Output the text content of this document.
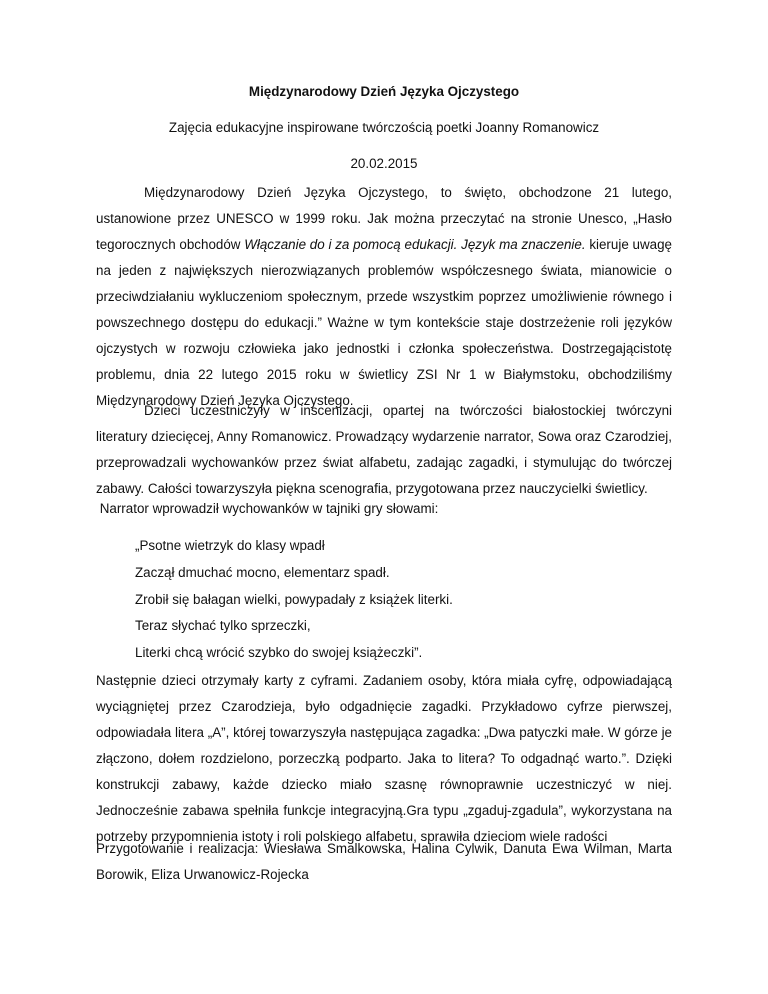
Międzynarodowy Dzień Języka Ojczystego

Zajęcia edukacyjne inspirowane twórczością poetki Joanny Romanowicz

20.02.2015

Międzynarodowy Dzień Języka Ojczystego, to święto, obchodzone 21 lutego, ustanowione przez UNESCO w 1999 roku. Jak można przeczytać na stronie Unesco, „Hasło tegorocznych obchodów Włączanie do i za pomocą edukacji. Język ma znaczenie. kieruje uwagę na jeden z największych nierozwiązanych problemów współczesnego świata, mianowicie o przeciwdziałaniu wykluczeniom społecznym, przede wszystkim poprzez umożliwienie równego i powszechnego dostępu do edukacji.” Ważne w tym kontekście staje dostrzeżenie roli języków ojczystych w rozwoju człowieka jako jednostki i członka społeczeństwa. Dostrzegającistotę problemu, dnia 22 lutego 2015 roku w świetlicy ZSI Nr 1 w Białymstoku, obchodziliśmy Międzynarodowy Dzień Języka Ojczystego.

Dzieci uczestniczyły w inscenizacji, opartej na twórczości białostockiej twórczyni literatury dziecięcej, Anny Romanowicz. Prowadzący wydarzenie narrator, Sowa oraz Czarodziej, przeprowadzali wychowanków przez świat alfabetu, zadając zagadki, i stymulując do twórczej zabawy. Całości towarzyszyła piękna scenografia, przygotowana przez nauczycielki świetlicy.

Narrator wprowadził wychowanków w tajniki gry słowami:

„Psotne wietrzyk do klasy wpadł
Zaczął dmuchać mocno, elementarz spadł.
Zrobił się bałagan wielki, powypadały z książek literki.
Teraz słychać tylko sprzeczki,
Literki chcą wrócić szybko do swojej książeczki”.

Następnie dzieci otrzymały karty z cyframi. Zadaniem osoby, która miała cyfrę, odpowiadającą wyciągniętej przez Czarodzieja, było odgadnięcie zagadki. Przykładowo cyfrze pierwszej, odpowiadała litera „A”, której towarzyszyła następująca zagadka: „Dwa patyczki małe. W górze je złączono, dołem rozdzielono, porzeczką podparto. Jaka to litera? To odgadnąć warto.”. Dzięki konstrukcji zabawy, każde dziecko miało szasnę równoprawnie uczestniczyć w niej. Jednocześnie zabawa spełniła funkcje integracyjną.Gra typu „zgaduj-zgadula”, wykorzystana na potrzeby przypomnienia istoty i roli polskiego alfabetu, sprawiła dzieciom wiele radości

Przygotowanie i realizacja: Wiesława Smalkowska, Halina Cylwik, Danuta Ewa Wilman, Marta Borowik, Eliza Urwanowicz-Rojecka
